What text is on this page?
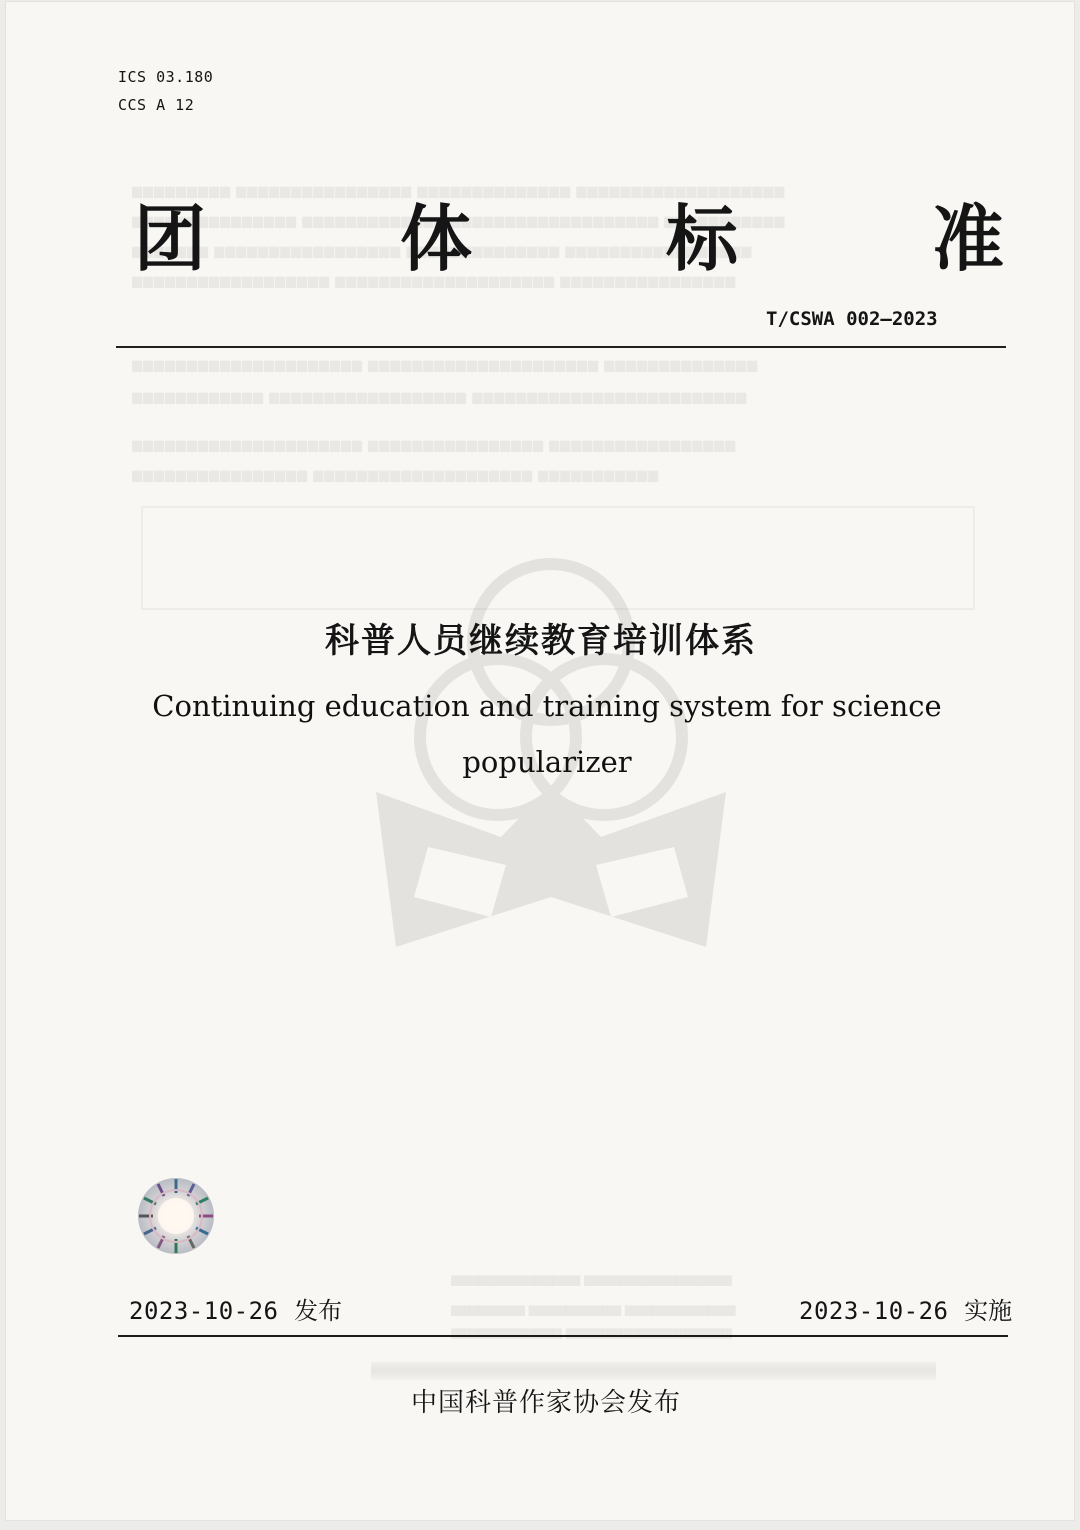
▆▆▆▆▆▆▆▆▆ ▆▆▆▆▆▆▆▆▆▆▆▆▆▆▆▆ ▆▆▆▆▆▆▆▆▆▆▆▆▆▆ ▆▆▆▆▆▆▆▆▆▆▆▆▆▆▆▆▆▆▆
▆▆▆▆▆▆▆▆▆▆▆▆▆▆▆ ▆▆▆▆▆▆▆▆▆▆▆▆▆ ▆▆▆▆▆▆▆▆▆▆▆▆▆▆▆▆▆▆▆ ▆▆▆▆▆▆▆▆▆▆▆
▆▆▆▆▆▆▆ ▆▆▆▆▆▆▆▆▆▆▆▆▆▆▆▆▆ ▆▆▆▆▆▆▆▆▆▆▆▆▆▆ ▆▆▆▆▆▆▆▆▆▆▆▆▆▆▆▆▆
▆▆▆▆▆▆▆▆▆▆▆▆▆▆▆▆▆▆ ▆▆▆▆▆▆▆▆▆▆▆▆▆▆▆▆▆▆▆▆ ▆▆▆▆▆▆▆▆▆▆▆▆▆▆▆▆
▆▆▆▆▆▆▆▆▆▆▆▆▆▆▆▆▆▆▆▆▆ ▆▆▆▆▆▆▆▆▆▆▆▆▆▆▆▆▆▆▆▆▆ ▆▆▆▆▆▆▆▆▆▆▆▆▆▆
▆▆▆▆▆▆▆▆▆▆▆▆ ▆▆▆▆▆▆▆▆▆▆▆▆▆▆▆▆▆▆ ▆▆▆▆▆▆▆▆▆▆▆▆▆▆▆▆▆▆▆▆▆▆▆▆▆
▆▆▆▆▆▆▆▆▆▆▆▆▆▆▆▆▆▆▆▆▆ ▆▆▆▆▆▆▆▆▆▆▆▆▆▆▆▆ ▆▆▆▆▆▆▆▆▆▆▆▆▆▆▆▆▆
▆▆▆▆▆▆▆▆▆▆▆▆▆▆▆▆ ▆▆▆▆▆▆▆▆▆▆▆▆▆▆▆▆▆▆▆▆ ▆▆▆▆▆▆▆▆▆▆▆
ICS 03.180
CCS A 12
团	体	标	准
T/CSWA 002—2023
科普人员继续教育培训体系
Continuing education and training system for science
popularizer
2023-10-26 发布	2023-10-26 实施
▆▆▆▆▆▆▆▆▆▆▆▆▆▆ ▆▆▆▆▆▆▆▆▆▆▆▆▆▆▆▆
▆▆▆▆▆▆▆▆ ▆▆▆▆▆▆▆▆▆▆ ▆▆▆▆▆▆▆▆▆▆▆▆
▆▆▆▆▆▆▆▆▆▆▆▆ ▆▆▆▆▆▆▆▆▆▆▆▆▆▆▆▆▆▆
中国科普作家协会发布
